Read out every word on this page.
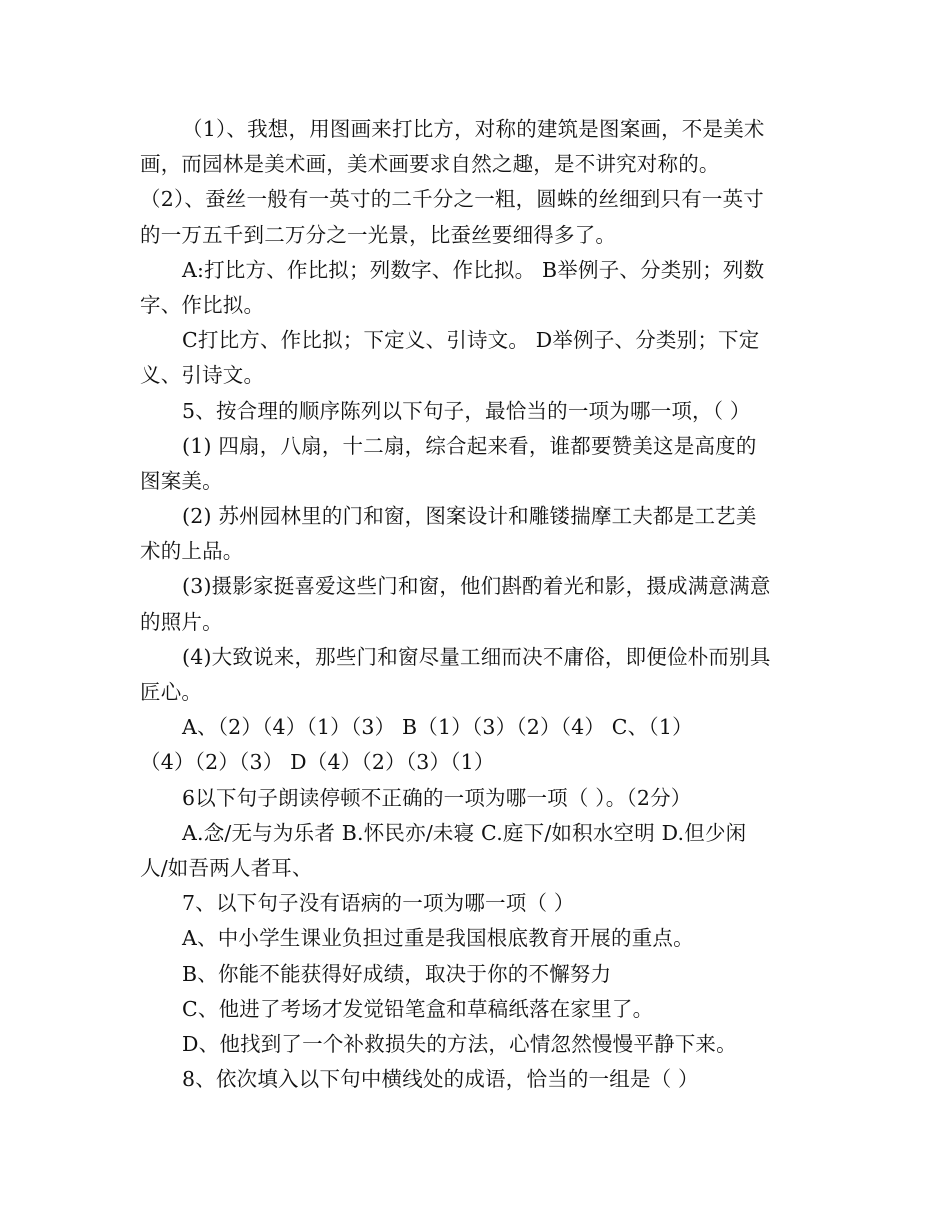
（1）、我想，用图画来打比方，对称的建筑是图案画，不是美术
画，而园林是美术画，美术画要求自然之趣，是不讲究对称的。
（2）、蚕丝一般有一英寸的二千分之一粗，圆蛛的丝细到只有一英寸
的一万五千到二万分之一光景，比蚕丝要细得多了。
A:打比方、作比拟；列数字、作比拟。 B举例子、分类别；列数
字、作比拟。
C打比方、作比拟；下定义、引诗文。 D举例子、分类别；下定
义、引诗文。
5、按合理的顺序陈列以下句子，最恰当的一项为哪一项，（ ）
(1) 四扇，八扇，十二扇，综合起来看，谁都要赞美这是高度的
图案美。
(2) 苏州园林里的门和窗，图案设计和雕镂揣摩工夫都是工艺美
术的上品。
(3)摄影家挺喜爱这些门和窗，他们斟酌着光和影，摄成满意满意
的照片。
(4)大致说来，那些门和窗尽量工细而决不庸俗，即便俭朴而别具
匠心。
A、（2）（4）（1）（3） B（1）（3）（2）（4） C、（1）
（4）（2）（3） D（4）（2）（3）（1）
6以下句子朗读停顿不正确的一项为哪一项（ ）。（2分）
A.念/无与为乐者 B.怀民亦/未寝 C.庭下/如积水空明 D.但少闲
人/如吾两人者耳、
7、以下句子没有语病的一项为哪一项（ ）
A、中小学生课业负担过重是我国根底教育开展的重点。
B、你能不能获得好成绩，取决于你的不懈努力
C、他进了考场才发觉铅笔盒和草稿纸落在家里了。
D、他找到了一个补救损失的方法，心情忽然慢慢平静下来。
8、依次填入以下句中横线处的成语，恰当的一组是（ ）
